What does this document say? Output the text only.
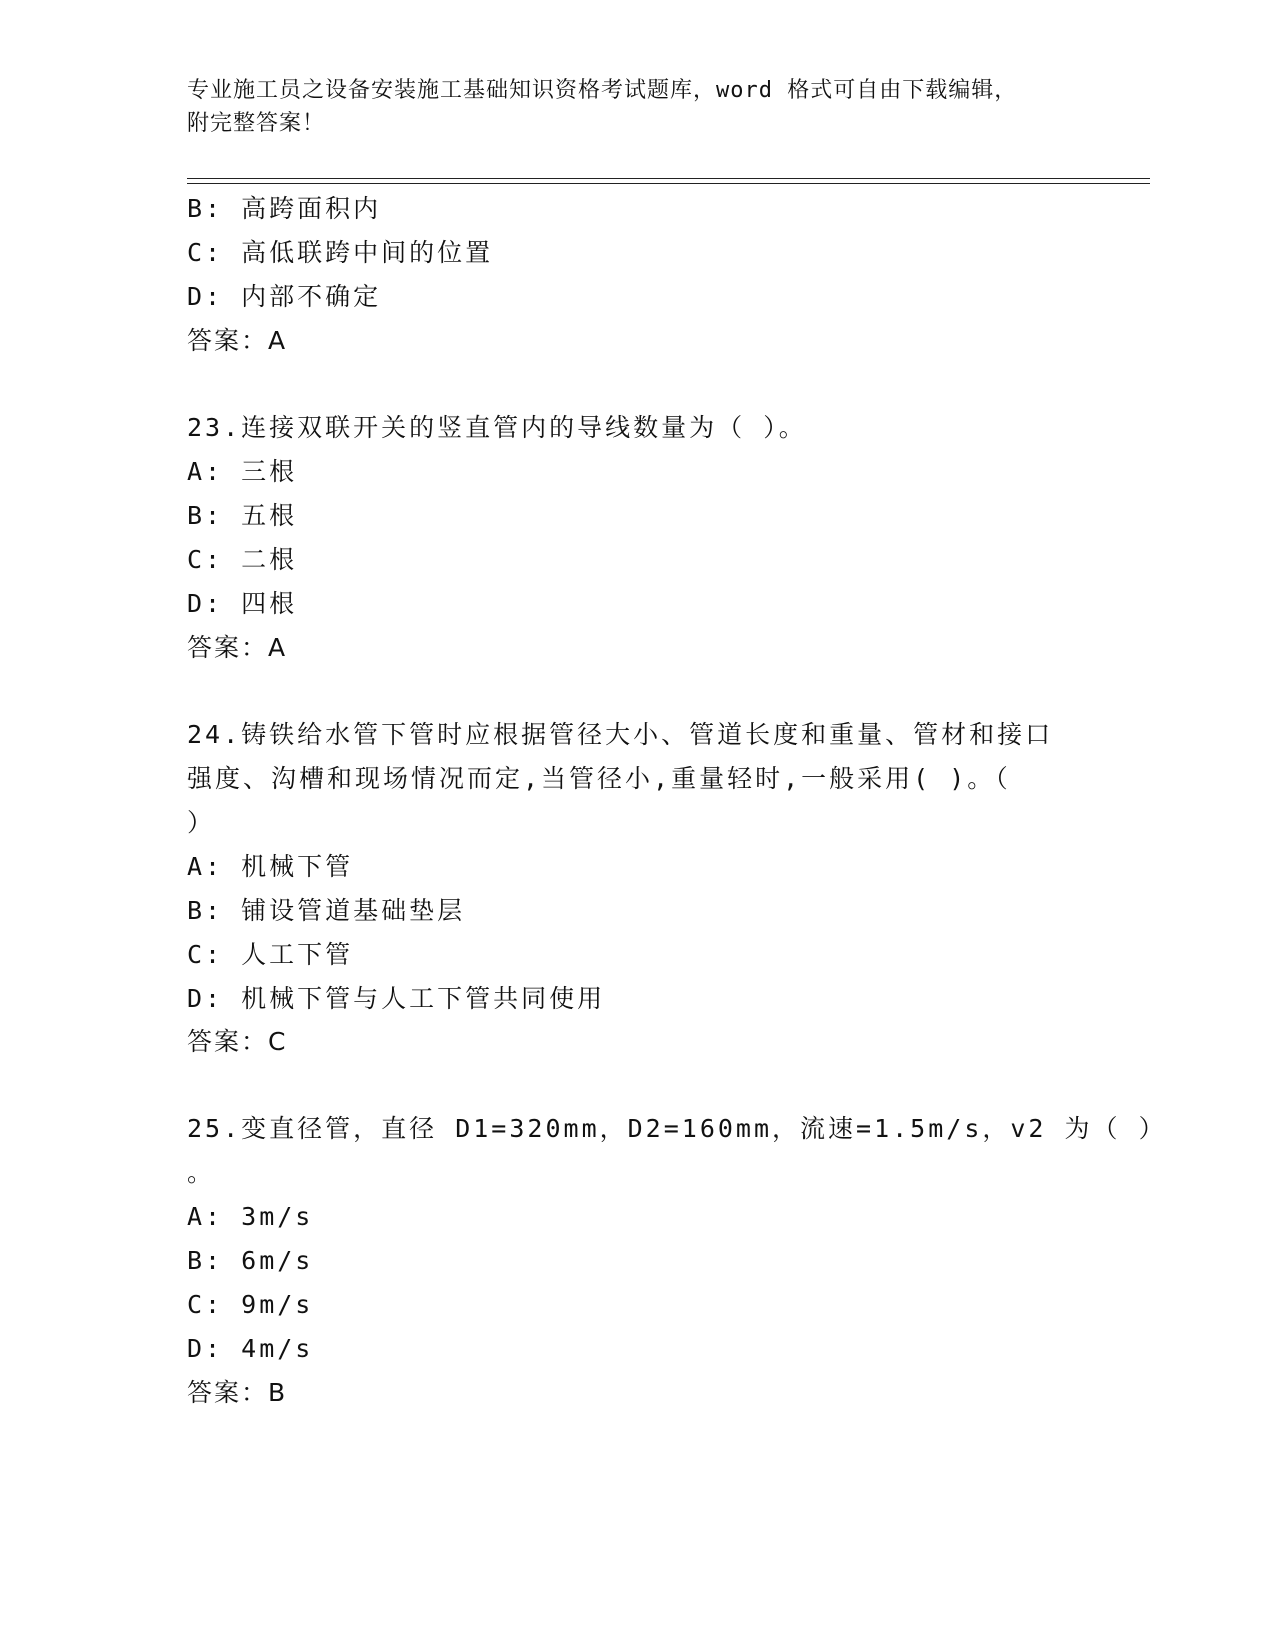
专业施工员之设备安装施工基础知识资格考试题库，word 格式可自由下载编辑，
附完整答案！
B: 高跨面积内
C: 高低联跨中间的位置
D: 内部不确定
答案：A
23.连接双联开关的竖直管内的导线数量为（ ）。
A: 三根
B: 五根
C: 二根
D: 四根
答案：A
24.铸铁给水管下管时应根据管径大小、管道长度和重量、管材和接口
强度、沟槽和现场情况而定,当管径小,重量轻时,一般采用( )。（
）
A: 机械下管
B: 铺设管道基础垫层
C: 人工下管
D: 机械下管与人工下管共同使用
答案：C
25.变直径管，直径 D1=320mm，D2=160mm，流速=1.5m/s，v2 为（ ）
。
A: 3m/s
B: 6m/s
C: 9m/s
D: 4m/s
答案：B
